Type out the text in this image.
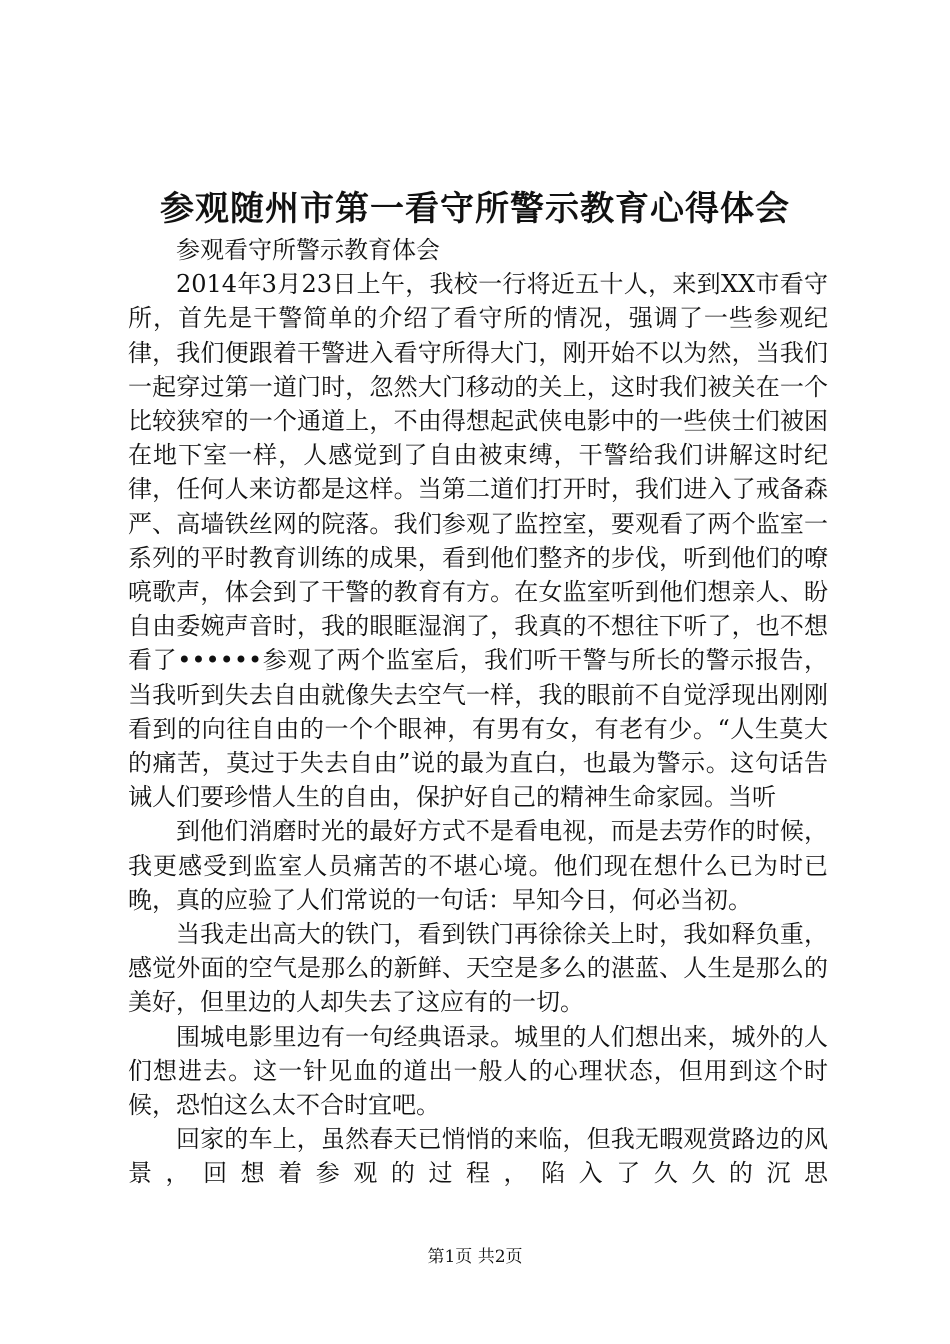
参观随州市第一看守所警示教育心得体会

参观看守所警示教育体会

2014年3月23日上午，我校一行将近五十人，来到XX市看守所，首先是干警简单的介绍了看守所的情况，强调了一些参观纪律，我们便跟着干警进入看守所得大门，刚开始不以为然，当我们一起穿过第一道门时，忽然大门移动的关上，这时我们被关在一个比较狭窄的一个通道上，不由得想起武侠电影中的一些侠士们被困在地下室一样，人感觉到了自由被束缚，干警给我们讲解这时纪律，任何人来访都是这样。当第二道们打开时，我们进入了戒备森严、高墙铁丝网的院落。我们参观了监控室，要观看了两个监室一系列的平时教育训练的成果，看到他们整齐的步伐，听到他们的嘹喨歌声，体会到了干警的教育有方。在女监室听到他们想亲人、盼自由委婉声音时，我的眼眶湿润了，我真的不想往下听了，也不想看了••••••参观了两个监室后，我们听干警与所长的警示报告，当我听到失去自由就像失去空气一样，我的眼前不自觉浮现出刚刚看到的向往自由的一个个眼神，有男有女，有老有少。“人生莫大的痛苦，莫过于失去自由”说的最为直白，也最为警示。这句话告诫人们要珍惜人生的自由，保护好自己的精神生命家园。当听

到他们消磨时光的最好方式不是看电视，而是去劳作的时候，我更感受到监室人员痛苦的不堪心境。他们现在想什么已为时已晚，真的应验了人们常说的一句话：早知今日，何必当初。

当我走出高大的铁门，看到铁门再徐徐关上时，我如释负重，感觉外面的空气是那么的新鲜、天空是多么的湛蓝、人生是那么的美好，但里边的人却失去了这应有的一切。

围城电影里边有一句经典语录。城里的人们想出来，城外的人们想进去。这一针见血的道出一般人的心理状态，但用到这个时候，恐怕这么太不合时宜吧。

回家的车上，虽然春天已悄悄的来临，但我无暇观赏路边的风景，回想着参观的过程，陷入了久久的沉思

第1页 共2页
